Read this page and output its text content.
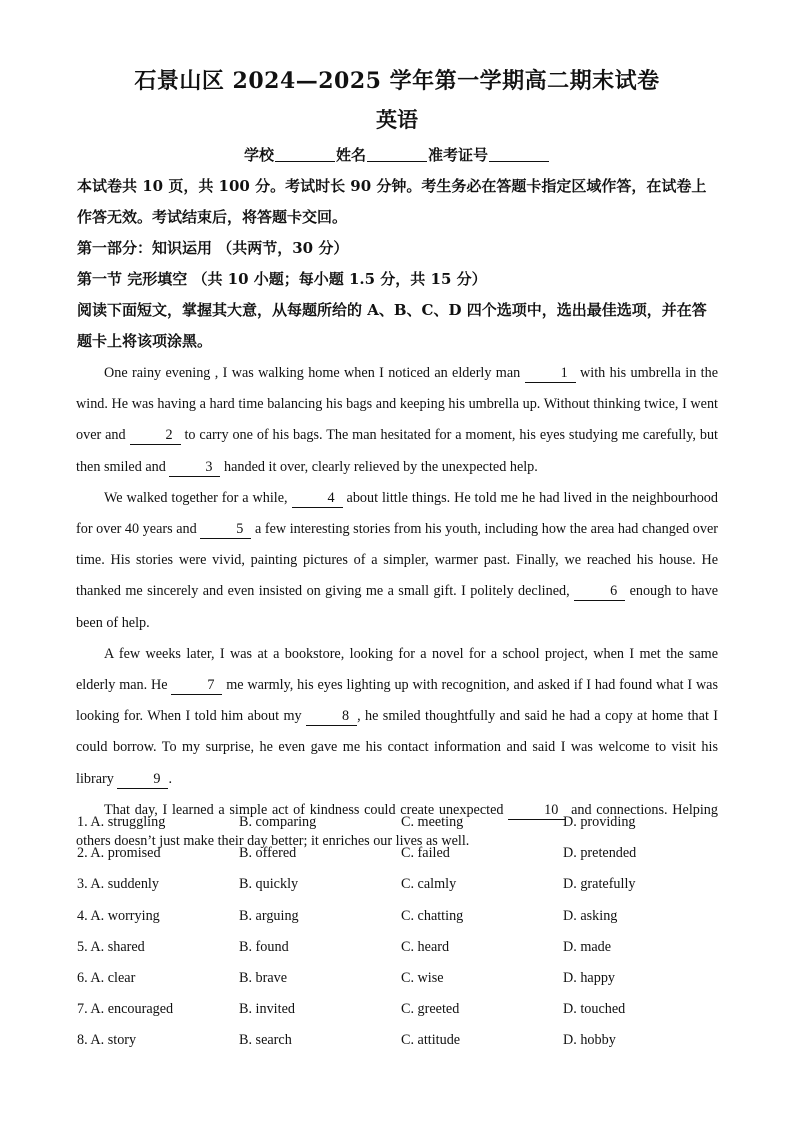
石景山区 2024—2025 学年第一学期高二期末试卷
英语
学校	姓名	准考证号
本试卷共 10 页，共 100 分。考试时长 90 分钟。考生务必在答题卡指定区域作答，在试卷上作答无效。考试结束后，将答题卡交回。
第一部分：知识运用 （共两节，30 分）
第一节 完形填空 （共 10 小题；每小题 1.5 分，共 15 分）
阅读下面短文，掌握其大意，从每题所给的 A、B、C、D 四个选项中，选出最佳选项，并在答题卡上将该项涂黑。

One rainy evening , I was walking home when I noticed an elderly man	1 with his umbrella in the wind. He was having a hard time balancing his bags and keeping his umbrella up. Without thinking twice, I went over and	2 to carry one of his bags. The man hesitated for a moment, his eyes studying me carefully, but then smiled and	3 handed it over, clearly relieved by the unexpected help.

We walked together for a while,	4 about little things. He told me he had lived in the neighbourhood for over 40 years and	5 a few interesting stories from his youth, including how the area had changed over time. His stories were vivid, painting pictures of a simpler, warmer past. Finally, we reached his house. He thanked me sincerely and even insisted on giving me a small gift. I politely declined,	6 enough to have been of help.

A few weeks later, I was at a bookstore, looking for a novel for a school project, when I met the same elderly man. He	7 me warmly, his eyes lighting up with recognition, and asked if I had found what I was looking for. When I told him about my	8 , he smiled thoughtfully and said he had a copy at home that I could borrow. To my surprise, he even gave me his contact information and said I was welcome to visit his library	9 .

That day, I learned a simple act of kindness could create unexpected	10 and connections. Helping others doesn’t just make their day better; it enriches our lives as well.

1. A. struggling	B. comparing	C. meeting	D. providing
2. A. promised	B. offered	C. failed	D. pretended
3. A. suddenly	B. quickly	C. calmly	D. gratefully
4. A. worrying	B. arguing	C. chatting	D. asking
5. A. shared	B. found	C. heard	D. made
6. A. clear	B. brave	C. wise	D. happy
7. A. encouraged	B. invited	C. greeted	D. touched
8. A. story	B. search	C. attitude	D. hobby
